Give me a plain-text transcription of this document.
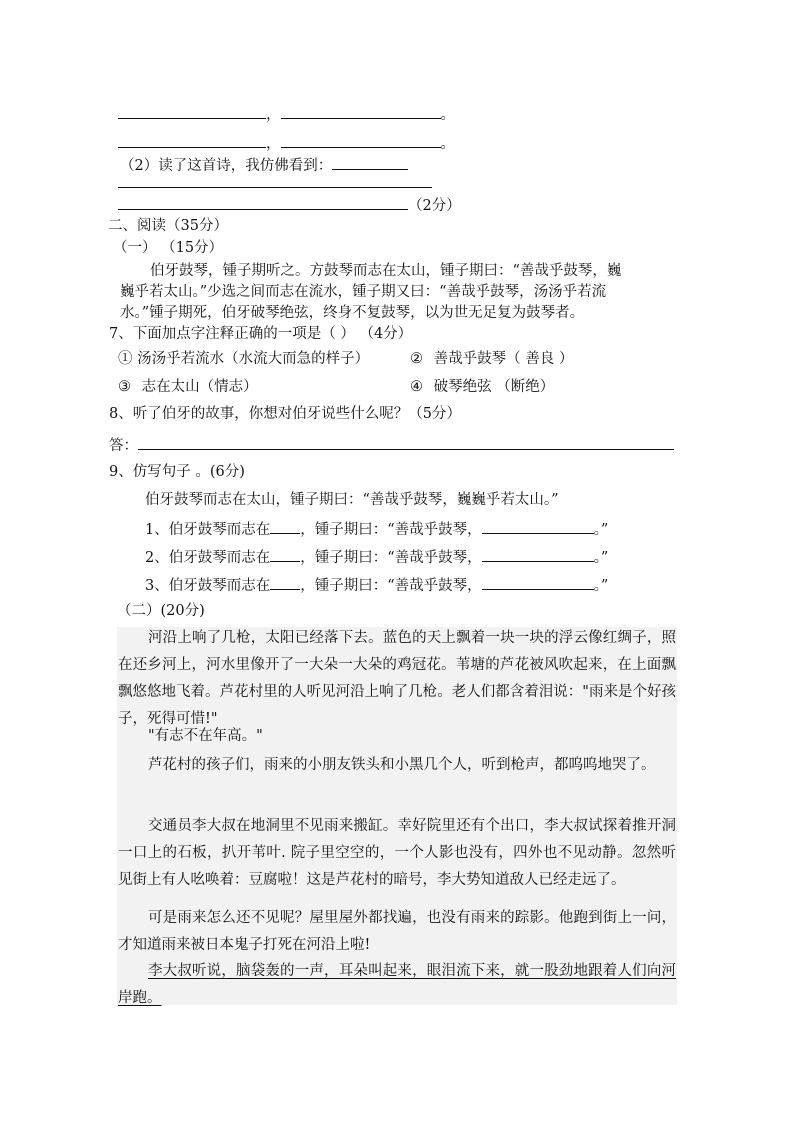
，	。
，	。
（2）读了这首诗，我仿佛看到：
（2分）
二、阅读（35分）
（一） （15分）
伯牙鼓琴，锺子期听之。方鼓琴而志在太山，锺子期曰：“善哉乎鼓琴，巍
巍乎若太山。”少选之间而志在流水，锺子期又曰：“善哉乎鼓琴，汤汤乎若流
水。”锺子期死，伯牙破琴绝弦，终身不复鼓琴，以为世无足复为鼓琴者。
7、下面加点字注释正确的一项是（ ） （4分）
① 汤汤乎若流水（水流大而急的样子）	② 善哉乎鼓琴（ 善良 ）
③ 志在太山（情志）	④ 破琴绝弦 （断绝）
8、听了伯牙的故事，你想对伯牙说些什么呢？（5分）
答：
9、仿写句子 。(6分)
伯牙鼓琴而志在太山，锺子期曰：“善哉乎鼓琴，巍巍乎若太山。”
1、伯牙鼓琴而志在 ，锺子期曰：“善哉乎鼓琴，	。”
2、伯牙鼓琴而志在 ，锺子期曰：“善哉乎鼓琴，	。”
3、伯牙鼓琴而志在 ，锺子期曰：“善哉乎鼓琴，	。”
（二）(20分)
河沿上响了几枪，太阳已经落下去。蓝色的天上飘着一块一块的浮云像红绸子，照在还乡河上，河水里像开了一大朵一大朵的鸡冠花。苇塘的芦花被风吹起来，在上面飘飘悠悠地飞着。芦花村里的人听见河沿上响了几枪。老人们都含着泪说："雨来是个好孩子，死得可惜!"
"有志不在年高。"
芦花村的孩子们，雨来的小朋友铁头和小黑几个人，听到枪声，都呜呜地哭了。
交通员李大叔在地洞里不见雨来搬缸。幸好院里还有个出口，李大叔试探着推开洞一口上的石板，扒开苇叶. 院子里空空的，一个人影也没有，四外也不见动静。忽然听见街上有人吆唤着：豆腐啦！这是芦花村的暗号，李大势知道敌人已经走远了。
可是雨来怎么还不见呢？屋里屋外都找遍，也没有雨来的踪影。他跑到街上一问，才知道雨来被日本鬼子打死在河沿上啦!
李大叔听说，脑袋轰的一声，耳朵叫起来，眼泪流下来，就一股劲地跟着人们向河岸跑。
